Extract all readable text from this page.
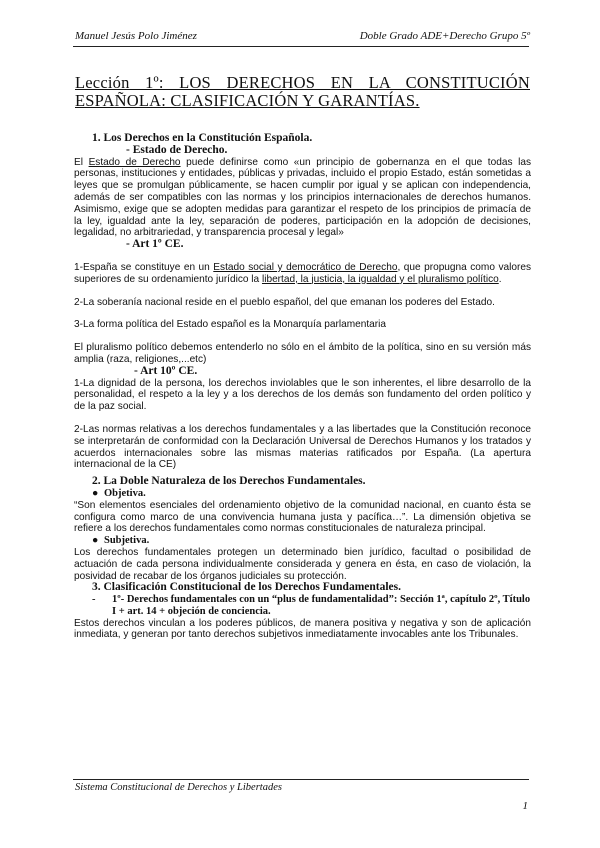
Manuel Jesús Polo Jiménez	Doble Grado ADE+Derecho Grupo 5º
Lección 1º: LOS DERECHOS EN LA CONSTITUCIÓN ESPAÑOLA: CLASIFICACIÓN Y GARANTÍAS.

1. Los Derechos en la Constitución Española.

- Estado de Derecho.

El Estado de Derecho puede definirse como «un principio de gobernanza en el que todas las personas, instituciones y entidades, públicas y privadas, incluido el propio Estado, están sometidas a leyes que se promulgan públicamente, se hacen cumplir por igual y se aplican con independencia, además de ser compatibles con las normas y los principios internacionales de derechos humanos. Asimismo, exige que se adopten medidas para garantizar el respeto de los principios de primacía de la ley, igualdad ante la ley, separación de poderes, participación en la adopción de decisiones, legalidad, no arbitrariedad, y transparencia procesal y legal»

- Art 1º CE.

1-España se constituye en un Estado social y democrático de Derecho, que propugna como valores superiores de su ordenamiento jurídico la libertad, la justicia, la igualdad y el pluralismo político.

2-La soberanía nacional reside en el pueblo español, del que emanan los poderes del Estado.

3-La forma política del Estado español es la Monarquía parlamentaria

El pluralismo político debemos entenderlo no sólo en el ámbito de la política, sino en su versión más amplia (raza, religiones,...etc)

- Art 10º CE.

1-La dignidad de la persona, los derechos inviolables que le son inherentes, el libre desarrollo de la personalidad, el respeto a la ley y a los derechos de los demás son fundamento del orden político y de la paz social.

2-Las normas relativas a los derechos fundamentales y a las libertades que la Constitución reconoce se interpretarán de conformidad con la Declaración Universal de Derechos Humanos y los tratados y acuerdos internacionales sobre las mismas materias ratificados por España. (La apertura internacional de la CE)

2. La Doble Naturaleza de los Derechos Fundamentales.

● Objetiva.

“Son elementos esenciales del ordenamiento objetivo de la comunidad nacional, en cuanto ésta se configura como marco de una convivencia humana justa y pacífica…”. La dimensión objetiva se refiere a los derechos fundamentales como normas constitucionales de naturaleza principal.

● Subjetiva.

Los derechos fundamentales protegen un determinado bien jurídico, facultad o posibilidad de actuación de cada persona individualmente considerada y genera en ésta, en caso de violación, la posividad de recabar de los órganos judiciales su protección.

3. Clasificación Constitucional de los Derechos Fundamentales.

-	1º- Derechos fundamentales con un “plus de fundamentalidad”: Sección 1ª, capítulo 2º, Título I + art. 14 + objeción de conciencia.

Estos derechos vinculan a los poderes públicos, de manera positiva y negativa y son de aplicación inmediata, y generan por tanto derechos subjetivos inmediatamente invocables ante los Tribunales.

Sistema Constitucional de Derechos y Libertades
1
